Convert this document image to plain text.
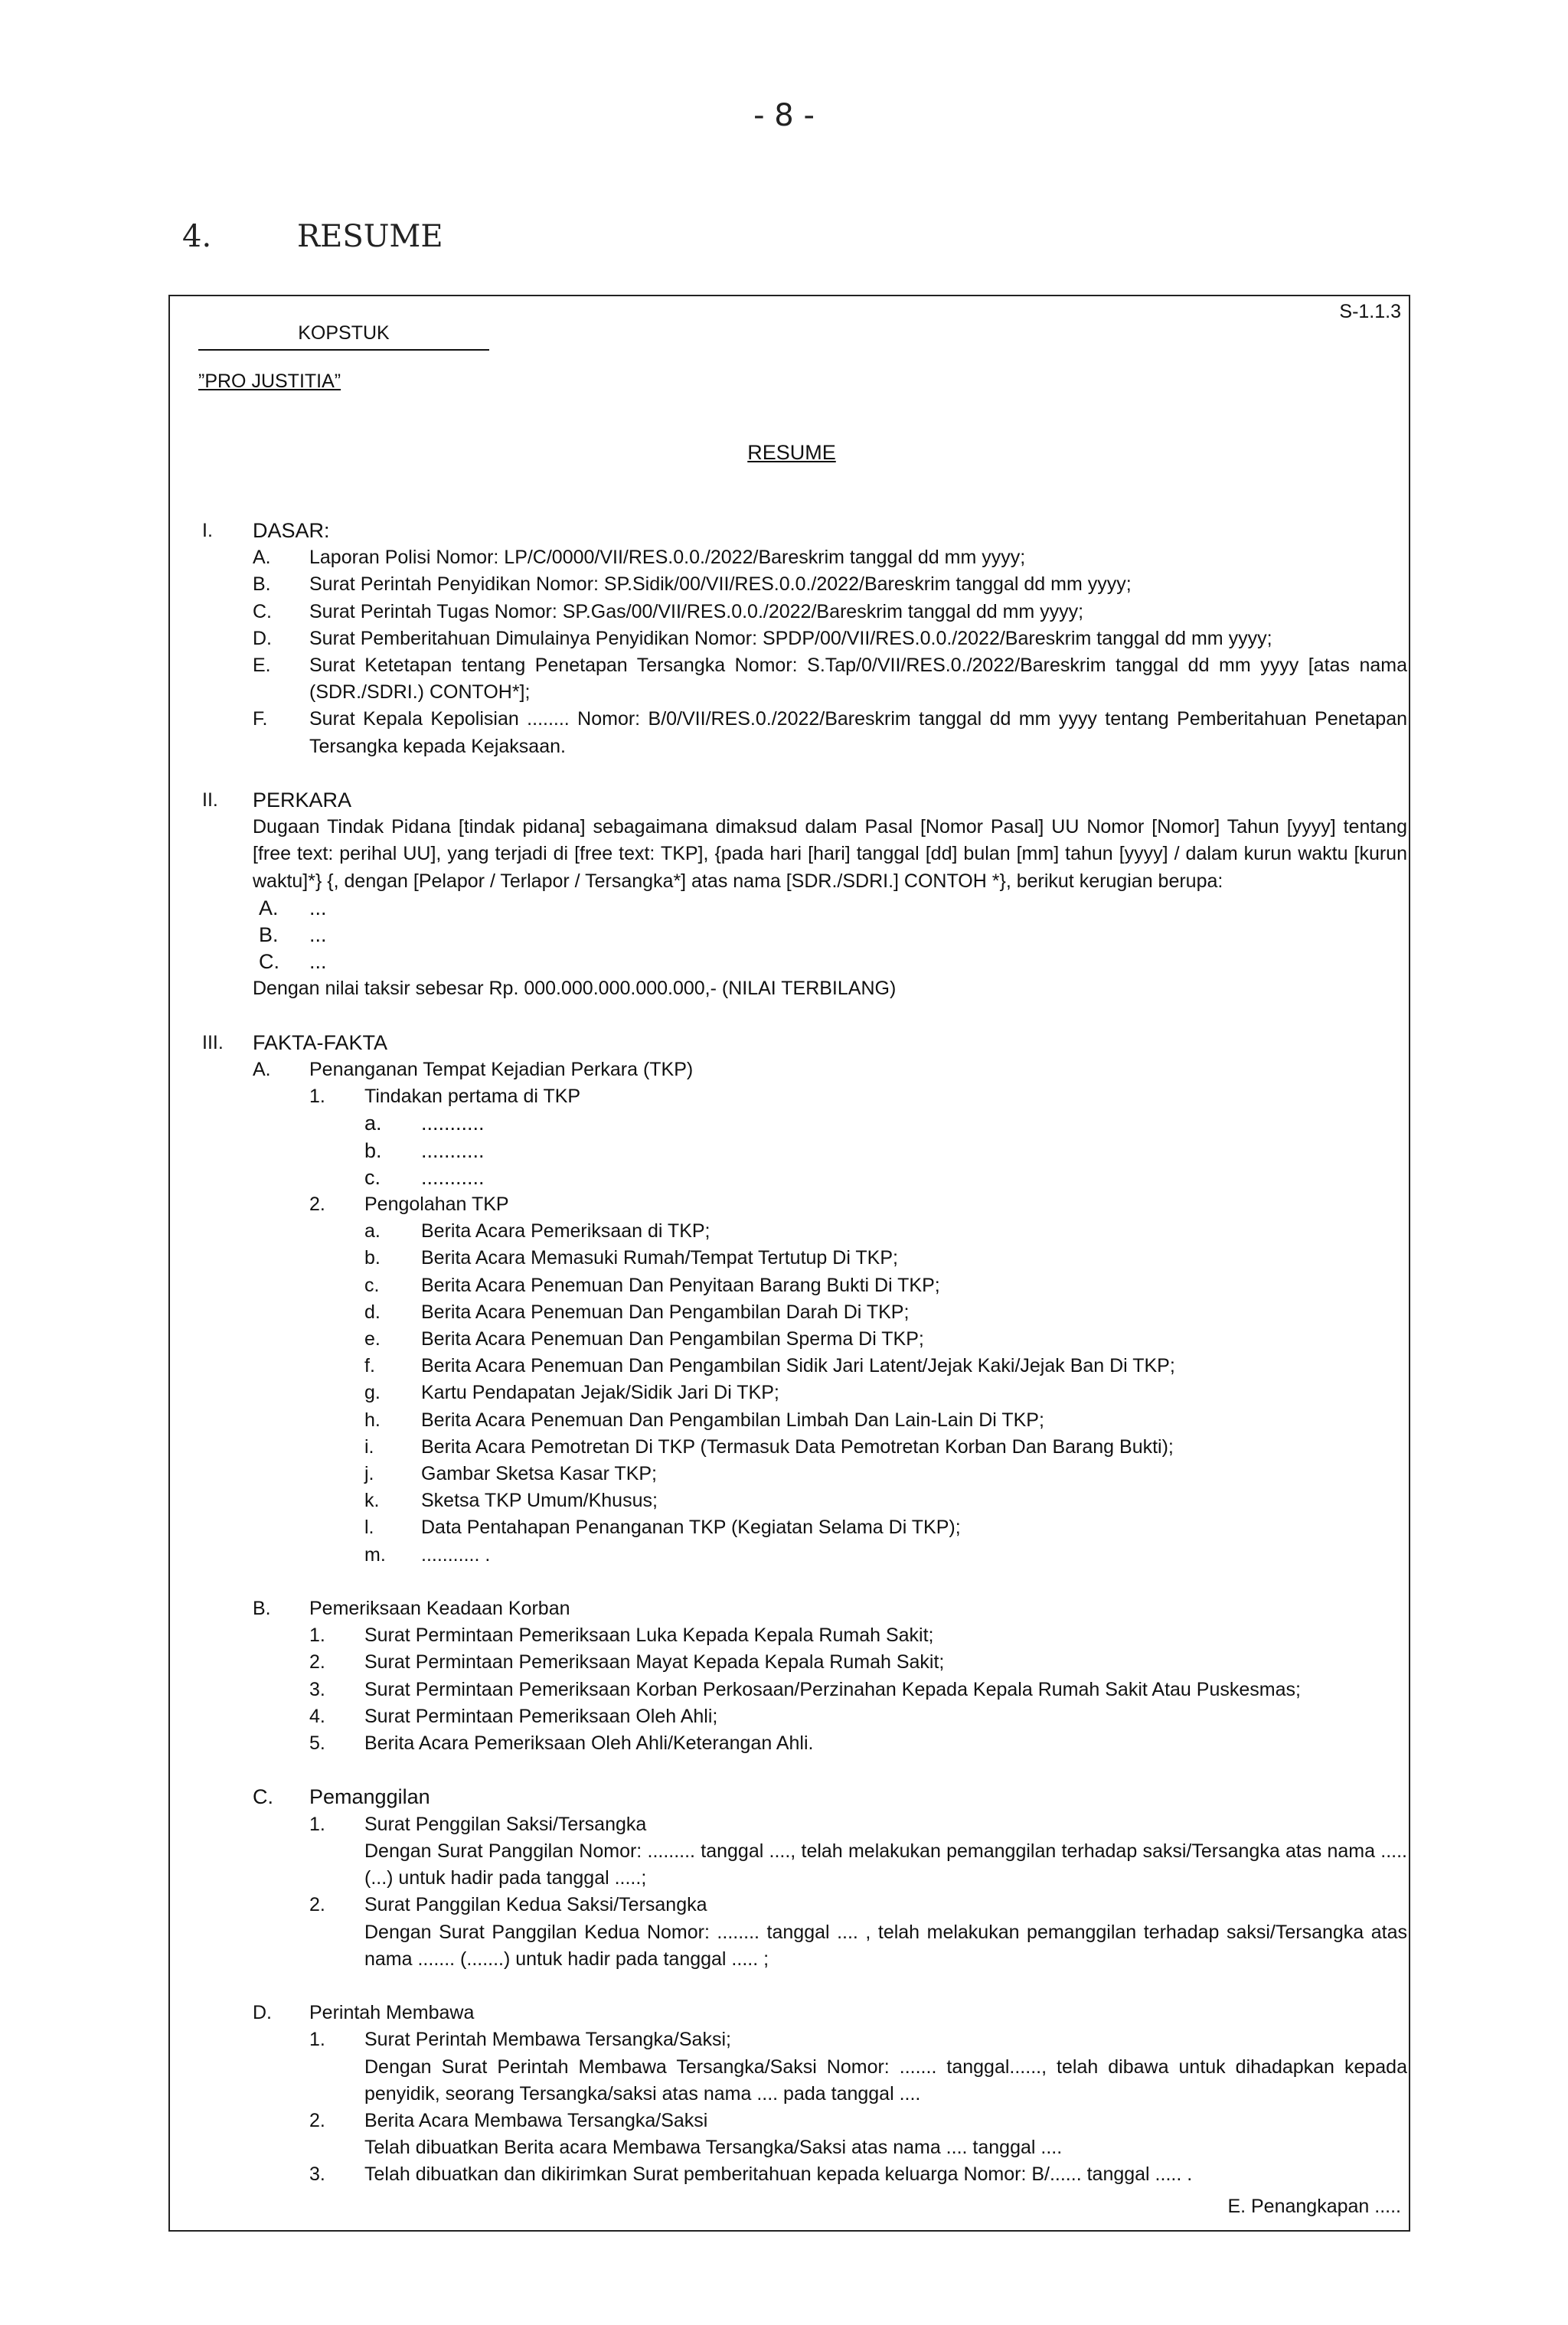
- 8 -
4.	RESUME
S-1.1.3
KOPSTUK
”PRO JUSTITIA”
RESUME
I.	DASAR:
A.	Laporan Polisi Nomor: LP/C/0000/VII/RES.0.0./2022/Bareskrim tanggal dd mm yyyy;
B.	Surat Perintah Penyidikan Nomor: SP.Sidik/00/VII/RES.0.0./2022/Bareskrim tanggal dd mm yyyy;
C.	Surat Perintah Tugas Nomor: SP.Gas/00/VII/RES.0.0./2022/Bareskrim tanggal dd mm yyyy;
D.	Surat Pemberitahuan Dimulainya Penyidikan Nomor: SPDP/00/VII/RES.0.0./2022/Bareskrim tanggal dd mm yyyy;
E.	Surat Ketetapan tentang Penetapan Tersangka Nomor: S.Tap/0/VII/RES.0./2022/Bareskrim tanggal dd mm yyyy [atas nama (SDR./SDRI.) CONTOH*];
F.	Surat Kepala Kepolisian ........ Nomor: B/0/VII/RES.0./2022/Bareskrim tanggal dd mm yyyy tentang Pemberitahuan Penetapan Tersangka kepada Kejaksaan.
II.	PERKARA
Dugaan Tindak Pidana [tindak pidana] sebagaimana dimaksud dalam Pasal [Nomor Pasal] UU Nomor [Nomor] Tahun [yyyy] tentang [free text: perihal UU], yang terjadi di [free text: TKP], {pada hari [hari] tanggal [dd] bulan [mm] tahun [yyyy] / dalam kurun waktu [kurun waktu]*} {, dengan [Pelapor / Terlapor / Tersangka*] atas nama [SDR./SDRI.] CONTOH *}, berikut kerugian berupa:
A.	...
B.	...
C.	...
Dengan nilai taksir sebesar Rp. 000.000.000.000.000,- (NILAI TERBILANG)
III.	FAKTA-FAKTA
A.	Penanganan Tempat Kejadian Perkara (TKP)
1.	Tindakan pertama di TKP
a.	...........
b.	...........
c.	...........
2.	Pengolahan TKP
a.	Berita Acara Pemeriksaan di TKP;
b.	Berita Acara Memasuki Rumah/Tempat Tertutup Di TKP;
c.	Berita Acara Penemuan Dan Penyitaan Barang Bukti Di TKP;
d.	Berita Acara Penemuan Dan Pengambilan Darah Di TKP;
e.	Berita Acara Penemuan Dan Pengambilan Sperma Di TKP;
f.	Berita Acara Penemuan Dan Pengambilan Sidik Jari Latent/Jejak Kaki/Jejak Ban Di TKP;
g.	Kartu Pendapatan Jejak/Sidik Jari Di TKP;
h.	Berita Acara Penemuan Dan Pengambilan Limbah Dan Lain-Lain Di TKP;
i.	Berita Acara Pemotretan Di TKP (Termasuk Data Pemotretan Korban Dan Barang Bukti);
j.	Gambar Sketsa Kasar TKP;
k.	Sketsa TKP Umum/Khusus;
l.	Data Pentahapan Penanganan TKP (Kegiatan Selama Di TKP);
m.	........... .
B.	Pemeriksaan Keadaan Korban
1.	Surat Permintaan Pemeriksaan Luka Kepada Kepala Rumah Sakit;
2.	Surat Permintaan Pemeriksaan Mayat Kepada Kepala Rumah Sakit;
3.	Surat Permintaan Pemeriksaan Korban Perkosaan/Perzinahan Kepada Kepala Rumah Sakit Atau Puskesmas;
4.	Surat Permintaan Pemeriksaan Oleh Ahli;
5.	Berita Acara Pemeriksaan Oleh Ahli/Keterangan Ahli.
C.	Pemanggilan
1.	Surat Penggilan Saksi/Tersangka
Dengan Surat Panggilan Nomor: ......... tanggal ...., telah melakukan pemanggilan terhadap saksi/Tersangka atas nama ..... (...) untuk hadir pada tanggal .....;
2.	Surat Panggilan Kedua Saksi/Tersangka
Dengan Surat Panggilan Kedua Nomor: ........ tanggal .... , telah melakukan pemanggilan terhadap saksi/Tersangka atas nama ....... (.......) untuk hadir pada tanggal ..... ;
D.	Perintah Membawa
1.	Surat Perintah Membawa Tersangka/Saksi;
Dengan Surat Perintah Membawa Tersangka/Saksi Nomor: ....... tanggal......, telah dibawa untuk dihadapkan kepada penyidik, seorang Tersangka/saksi atas nama .... pada tanggal ....
2.	Berita Acara Membawa Tersangka/Saksi
Telah dibuatkan Berita acara Membawa Tersangka/Saksi atas nama .... tanggal ....
3.	Telah dibuatkan dan dikirimkan Surat pemberitahuan kepada keluarga Nomor: B/...... tanggal ..... .
E. Penangkapan .....
